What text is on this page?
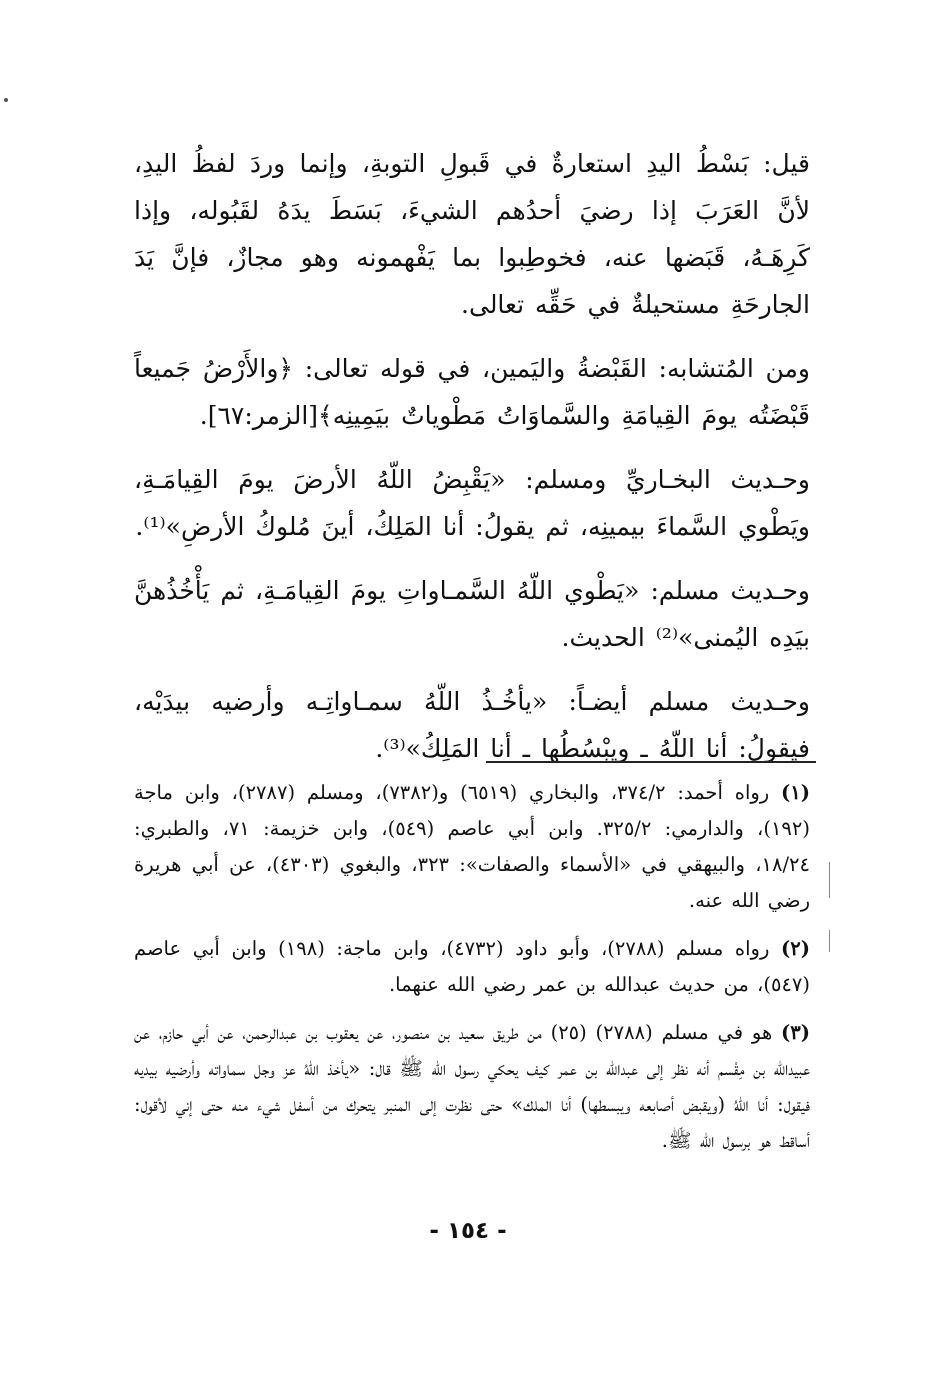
قيل: بَسْطُ اليدِ استعارةٌ في قَبولِ التوبةِ، وإنما وردَ لفظُ اليدِ، لأنَّ العَرَبَ إذا رضيَ أحدُهم الشيءَ، بَسَطَ يدَهُ لقَبُوله، وإذا كَرِهَـهُ، قَبَضها عنه، فخوطِبوا بما يَفْهمونه وهو مجازٌ، فإنَّ يَدَ الجارحَةِ مستحيلةٌ في حَقِّه تعالى.

ومن المُتشابه: القَبْضةُ واليَمين، في قوله تعالى: ﴿والأَرْضُ جَميعاً قَبْضَتُه يومَ القِيامَةِ والسَّماوَاتُ مَطْوياتٌ بيَمِينِه﴾[الزمر:٦٧].

وحـديث البخـاريِّ ومسلم: «يَقْبِضُ اللّهُ الأرضَ يومَ القِيامَـةِ، ويَطْوي السَّماءَ بيمينِه، ثم يقولُ: أنا المَلِكُ، أينَ مُلوكُ الأرضِ»⁽¹⁾.

وحـديث مسلم: «يَطْوي اللّهُ السَّمـاواتِ يومَ القِيامَـةِ، ثم يَأْخُذُهنَّ بيَدِه اليُمنى»⁽²⁾ الحديث.

وحـديث مسلم أيضـاً: «يأخُـذُ اللّهُ سمـاواتِـه وأرضيه بيدَيْه، فيقولُ: أنا اللّهُ ـ ويبْسُطُها ـ أنا المَلِكُ»⁽³⁾.

(١) رواه أحمد: ٣٧٤/٢، والبخاري (٦٥١٩) و(٧٣٨٢)، ومسلم (٢٧٨٧)، وابن ماجة (١٩٢)، والدارمي: ٣٢٥/٢. وابن أبي عاصم (٥٤٩)، وابن خزيمة: ٧١، والطبري: ١٨/٢٤، والبيهقي في «الأسماء والصفات»: ٣٢٣، والبغوي (٤٣٠٣)، عن أبي هريرة رضي الله عنه.

(٢) رواه مسلم (٢٧٨٨)، وأبو داود (٤٧٣٢)، وابن ماجة: (١٩٨) وابن أبي عاصم (٥٤٧)، من حديث عبدالله بن عمر رضي الله عنهما.

(٣) هو في مسلم (٢٧٨٨) (٢٥) من طريق سعيد بن منصور، عن يعقوب بن عبدالرحمن، عن أبي حازم، عن عبيدالله بن مِقْسم أنه نظر إلى عبدالله بن عمر كيف يحكي رسول الله ﷺ قال: «يأخذ اللهُ عز وجل سماواته وأرضيه بيديه فيقول: أنا اللهُ (ويقبض أصابعه ويبسطها) أنا الملك» حتى نظرت إلى المنبر يتحرك من أسفل شيء منه حتى إني لأقول: أساقط هو برسول الله ﷺ.

- ١٥٤ -
